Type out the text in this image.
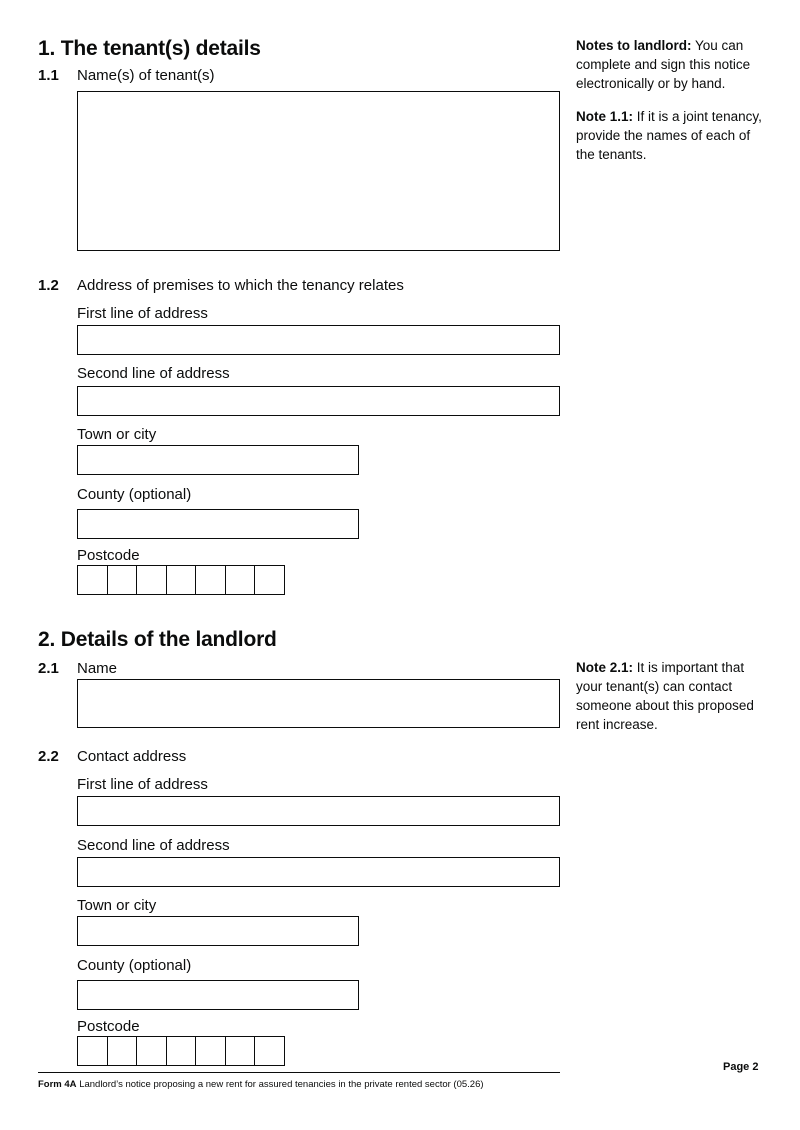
1. The tenant(s) details
1.1 Name(s) of tenant(s)
1.2 Address of premises to which the tenancy relates
First line of address
Second line of address
Town or city
County (optional)
Postcode
2. Details of the landlord
2.1 Name
2.2 Contact address
First line of address
Second line of address
Town or city
County (optional)
Postcode

Notes to landlord: You can complete and sign this notice electronically or by hand.

Note 1.1: If it is a joint tenancy, provide the names of each of the tenants.

Note 2.1: It is important that your tenant(s) can contact someone about this proposed rent increase.

Form 4A Landlord’s notice proposing a new rent for assured tenancies in the private rented sector (05.26)
Page 2
